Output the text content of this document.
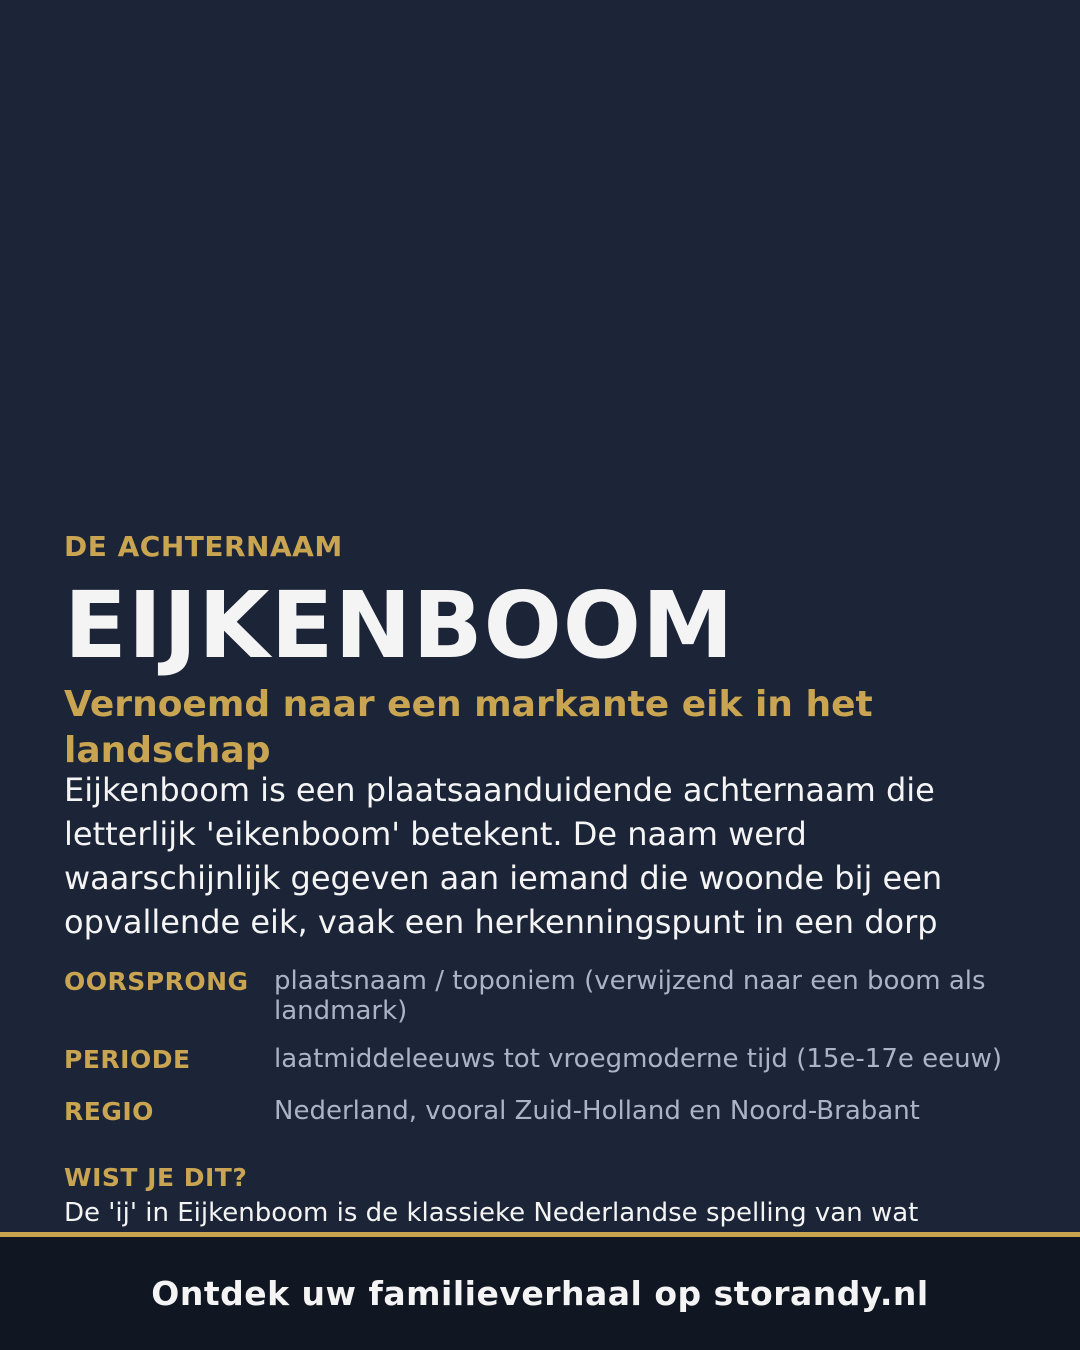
DE ACHTERNAAM
EIJKENBOOM
Vernoemd naar een markante eik in het landschap
Eijkenboom is een plaatsaanduidende achternaam die letterlijk 'eikenboom' betekent. De naam werd waarschijnlijk gegeven aan iemand die woonde bij een opvallende eik, vaak een herkenningspunt in een dorp
OORSPRONG plaatsnaam / toponiem (verwijzend naar een boom als landmark)
PERIODE	laatmiddeleeuws tot vroegmoderne tijd (15e-17e eeuw)
REGIO	Nederland, vooral Zuid-Holland en Noord-Brabant
WIST JE DIT?
De 'ij' in Eijkenboom is de klassieke Nederlandse spelling van wat
Ontdek uw familieverhaal op storandy.nl
